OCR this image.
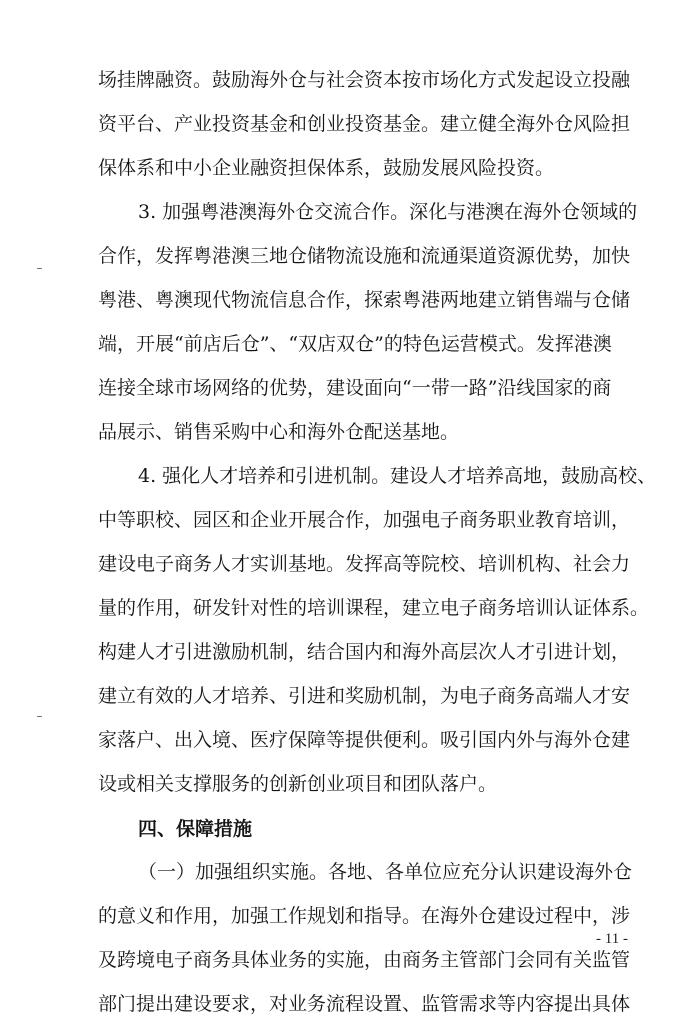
场挂牌融资。鼓励海外仓与社会资本按市场化方式发起设立投融
资平台、产业投资基金和创业投资基金。建立健全海外仓风险担
保体系和中小企业融资担保体系，鼓励发展风险投资。
3. 加强粤港澳海外仓交流合作。深化与港澳在海外仓领域的
合作，发挥粤港澳三地仓储物流设施和流通渠道资源优势，加快
粤港、粤澳现代物流信息合作，探索粤港两地建立销售端与仓储
端，开展“前店后仓”、“双店双仓”的特色运营模式。发挥港澳
连接全球市场网络的优势，建设面向“一带一路”沿线国家的商
品展示、销售采购中心和海外仓配送基地。
4. 强化人才培养和引进机制。建设人才培养高地，鼓励高校、
中等职校、园区和企业开展合作，加强电子商务职业教育培训，
建设电子商务人才实训基地。发挥高等院校、培训机构、社会力
量的作用，研发针对性的培训课程，建立电子商务培训认证体系。
构建人才引进激励机制，结合国内和海外高层次人才引进计划，
建立有效的人才培养、引进和奖励机制，为电子商务高端人才安
家落户、出入境、医疗保障等提供便利。吸引国内外与海外仓建
设或相关支撑服务的创新创业项目和团队落户。
四、保障措施
（一）加强组织实施。各地、各单位应充分认识建设海外仓
的意义和作用，加强工作规划和指导。在海外仓建设过程中，涉
及跨境电子商务具体业务的实施，由商务主管部门会同有关监管
部门提出建设要求，对业务流程设置、监管需求等内容提出具体
- 11 -
